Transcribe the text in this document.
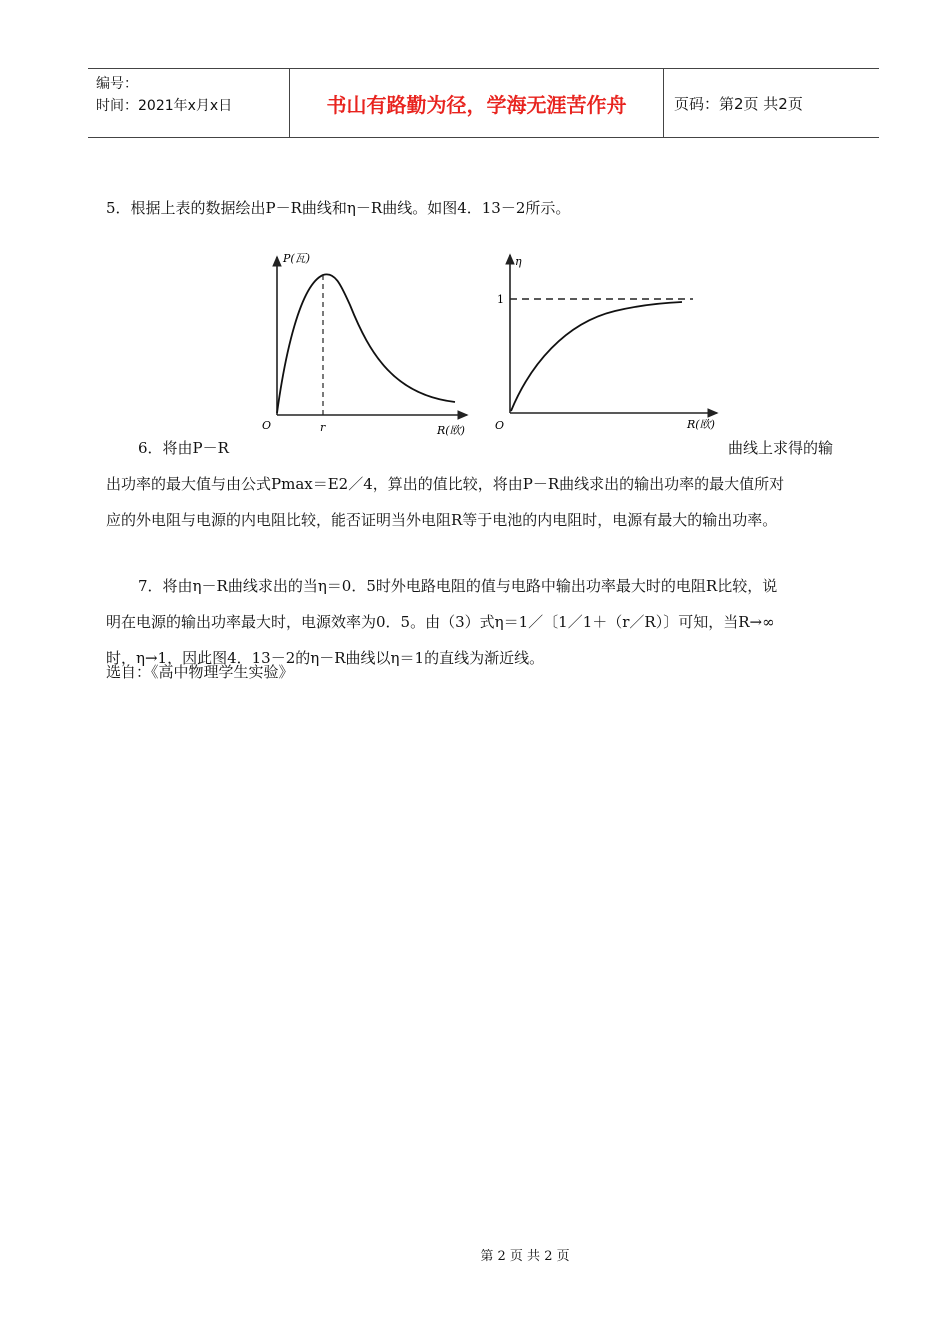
编号：
时间：2021年x月x日	书山有路勤为径，学海无涯苦作舟	页码：第2页 共2页

5．根据上表的数据绘出P－R曲线和η－R曲线。如图4．13－2所示。

P(瓦)
O	r	R(欧)
η
1
O	R(欧)

6．将由P－R	曲线上求得的输

出功率的最大值与由公式Pmax＝E2／4，算出的值比较，将由P－R曲线求出的输出功率的最大值所对
应的外电阻与电源的内电阻比较，能否证明当外电阻R等于电池的内电阻时，电源有最大的输出功率。
7．将由η－R曲线求出的当η＝0．5时外电路电阻的值与电路中输出功率最大时的电阻R比较，说
明在电源的输出功率最大时，电源效率为0．5。由（3）式η＝1／〔1／1＋（r／R）〕可知，当R→∞
时，η→1，因此图4．13－2的η－R曲线以η＝1的直线为渐近线。

选自：《高中物理学生实验》

第 2 页 共 2 页
